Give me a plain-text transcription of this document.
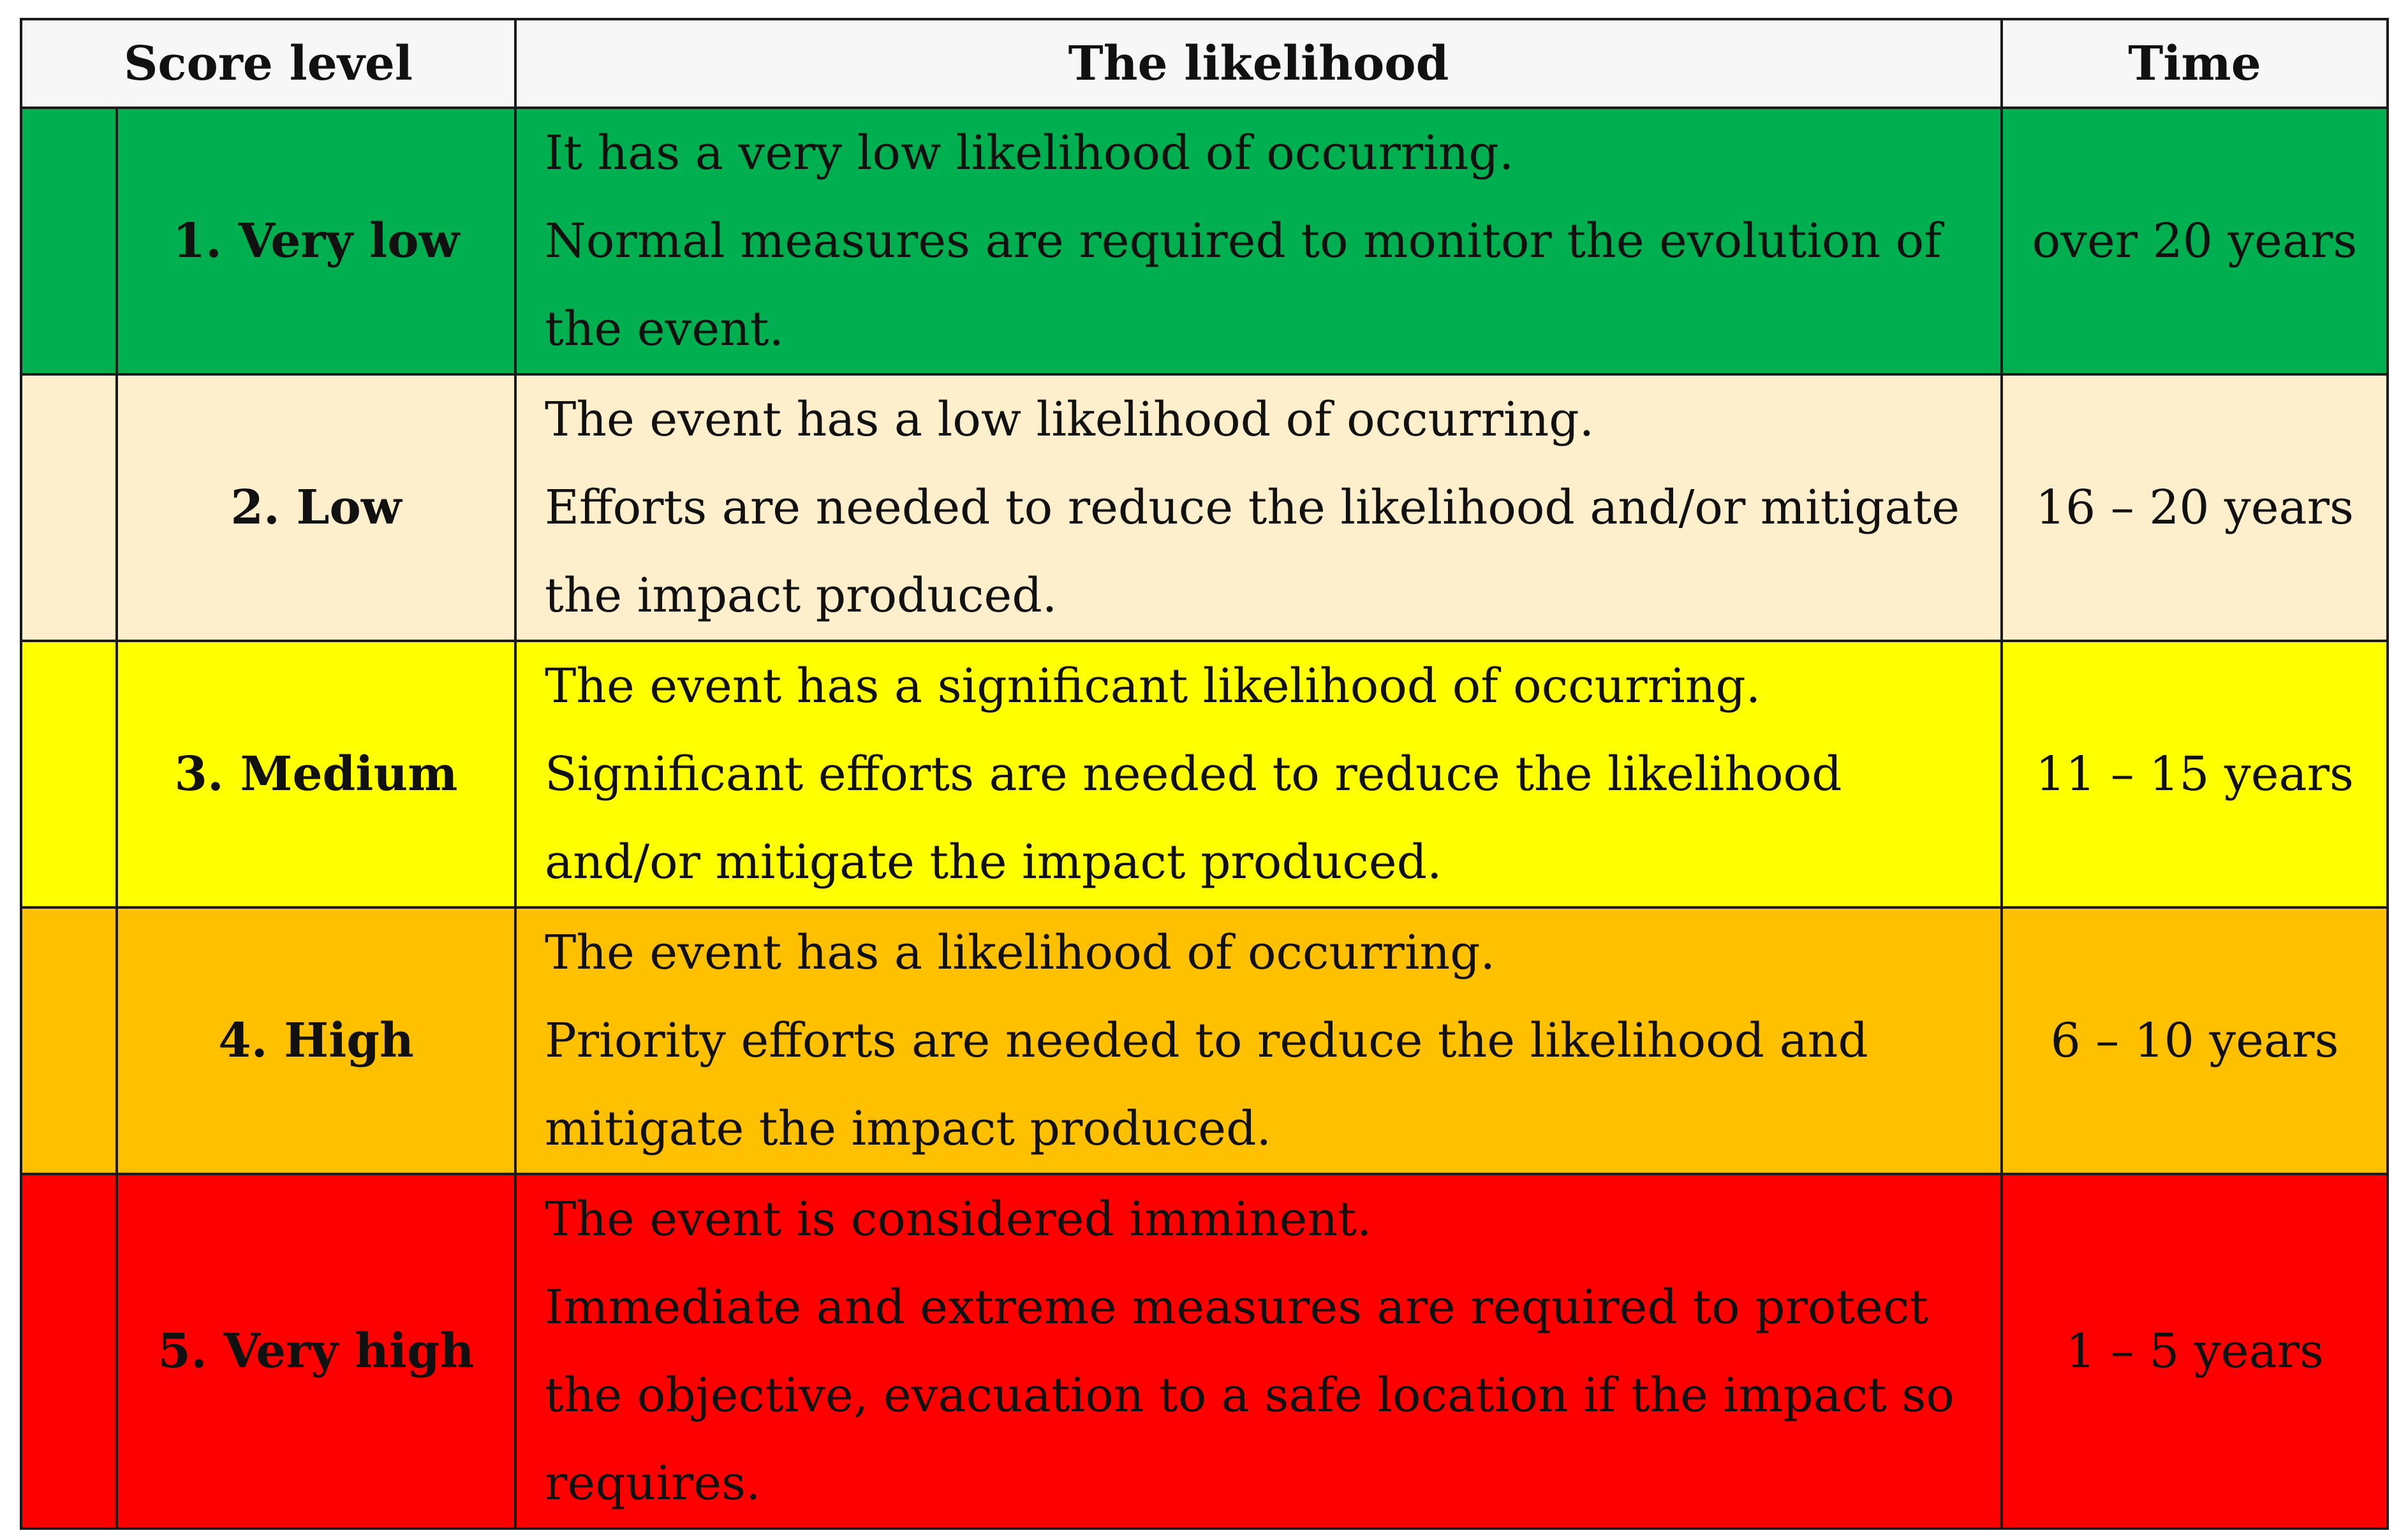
Score level		The likelihood	Time
	1. Very low	It has a very low likelihood of occurring.
Normal measures are required to monitor the evolution of
the event.	over 20 years
	2. Low	The event has a low likelihood of occurring.
Efforts are needed to reduce the likelihood and/or mitigate
the impact produced.	16 – 20 years
	3. Medium	The event has a significant likelihood of occurring.
Significant efforts are needed to reduce the likelihood
and/or mitigate the impact produced.	11 – 15 years
	4. High	The event has a likelihood of occurring.
Priority efforts are needed to reduce the likelihood and
mitigate the impact produced.	6 – 10 years
	5. Very high	The event is considered imminent.
Immediate and extreme measures are required to protect
the objective, evacuation to a safe location if the impact so
requires.	1 – 5 years
